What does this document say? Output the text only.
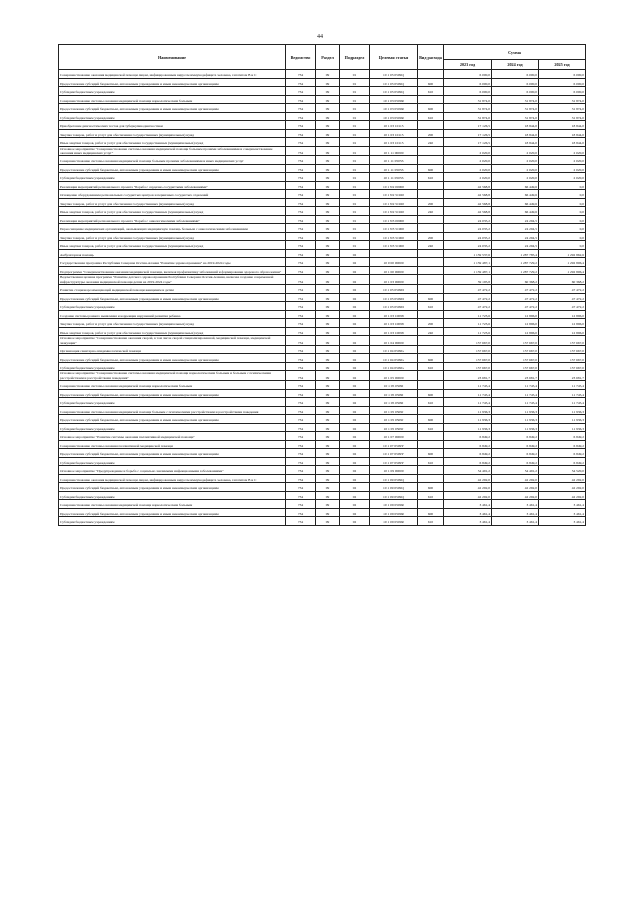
44
Наименование	Ведомство	Раздел	Подраздел	Целевая статья	Вид расхода	Сумма		
						2023 год	2024 год	2025 год
Совершенствование оказания медицинской помощи лицам, инфицированным вирусом иммунодефицита человека, гепатитом В и С	734	09	01	10 1 03 0509Q		6 000,0	6 000,0	6 000,0
Предоставление субсидий бюджетным, автономным учреждениям и иным некоммерческим организациям	734	09	01	10 1 03 0509Q	600	6 000,0	6 000,0	6 000,0
Субсидии бюджетным учреждениям	734	09	01	10 1 03 0509Q	610	6 000,0	6 000,0	6 000,0
Совершенствование системы оказания медицинской помощи наркологическим больным	734	09	01	10 1 03 0509R		31 874,0	31 874,0	31 874,0
Предоставление субсидий бюджетным, автономным учреждениям и иным некоммерческим организациям	734	09	01	10 1 03 0509R	600	31 874,0	31 874,0	31 874,0
Субсидии бюджетным учреждениям	734	09	01	10 1 03 0509R	610	31 874,0	31 874,0	31 874,0
Приобретение диагностических тестов для туберкулинодиагностики	734	09	01	10 1 03 10115		17 126,5	18 844,0	18 844,0
Закупка товаров, работ и услуг для обеспечения государственных (муниципальных) нужд	734	09	01	10 1 03 10115	200	17 126,5	18 844,0	18 844,0
Иные закупки товаров, работ и услуг для обеспечения государственных (муниципальных) нужд	734	09	01	10 1 03 10115	240	17 126,5	18 844,0	18 844,0
Основное мероприятие "Совершенствование системы оказания медицинской помощи больным прочими заболеваниями и совершенствование оказания иных медицинских услуг"	734	09	01	10 1 11 00000		2 020,0	2 020,0	2 020,0
Совершенствование системы оказания медицинской помощи больным прочими заболеваниями и иных медицинских услуг	734	09	01	10 1 11 0505S		2 020,0	2 020,0	2 020,0
Предоставление субсидий бюджетным, автономным учреждениям и иным некоммерческим организациям	734	09	01	10 1 11 0505S	600	2 020,0	2 020,0	2 020,0
Субсидии бюджетным учреждениям	734	09	01	10 1 11 0505S	610	2 020,0	2 020,0	2 020,0
Реализация мероприятий регионального проекта "Борьба с сердечно-сосудистыми заболеваниями"	734	09	01	10 1 N2 00000		42 568,8	66 449,6	0,0
Оснащение оборудованием региональных сосудистых центров и первичных сосудистых отделений	734	09	01	10 1 N2 51920		42 568,8	66 449,6	0,0
Закупка товаров, работ и услуг для обеспечения государственных (муниципальных) нужд	734	09	01	10 1 N2 51920	200	42 568,8	66 449,6	0,0
Иные закупки товаров, работ и услуг для обеспечения государственных (муниципальных) нужд	734	09	01	10 1 N2 51920	240	42 568,8	66 449,6	0,0
Реализация мероприятий регионального проекта "Борьба с онкологическими заболеваниями"	734	09	01	10 1 N3 00000		24 035,2	24 294,5	0,0
Переоснащение медицинских организаций, оказывающих медицинскую помощь больным с онкологическими заболеваниями	734	09	01	10 1 N3 51900		24 035,2	24 294,5	0,0
Закупка товаров, работ и услуг для обеспечения государственных (муниципальных) нужд	734	09	01	10 1 N3 51900	200	24 035,2	24 294,5	0,0
Иные закупки товаров, работ и услуг для обеспечения государственных (муниципальных) нужд	734	09	01	10 1 N3 51900	240	24 035,2	24 294,5	0,0
Амбулаторная помощь	734	09	02			1 159 537,6	1 287 785,4	1 292 862,6
Государственная программа Республики Северная Осетия-Алания "Развитие здравоохранения" на 2019-2024 годы	734	09	02	10 0 00 00000		1 159 487,1	1 287 729,2	1 292 806,4
Подпрограмма "Совершенствование оказания медицинской помощи, включая профилактику заболеваний и формирование здорового образа жизни"	734	09	02	10 1 00 00000		1 159 487,1	1 287 729,2	1 292 806,4
Ведомственная целевая программа "Развитие детского здравоохранения Республики Северная Осетия-Алания, включая создание современной инфраструктуры оказания медицинской помощи детям на 2019-2024 годы"	734	09	02	10 1 03 00000		59 195,8	60 368,2	60 368,2
Развитие стационарозамещающей медицинской помощи женщинам и детям	734	09	02	10 1 03 0509D		47 472,2	47 472,2	47 472,2
Предоставление субсидий бюджетным, автономным учреждениям и иным некоммерческим организациям	734	09	02	10 1 03 0509D	600	47 472,2	47 472,2	47 472,2
Субсидии бюджетным учреждениям	734	09	02	10 1 03 0509D	610	47 472,2	47 472,2	47 472,2
Создание системы раннего выявления и коррекции нарушений развития ребенка	734	09	02	10 1 03 10098		11 723,6	12 896,0	12 896,0
Закупка товаров, работ и услуг для обеспечения государственных (муниципальных) нужд	734	09	02	10 1 03 10098	200	11 723,6	12 896,0	12 896,0
Иные закупки товаров, работ и услуг для обеспечения государственных (муниципальных) нужд	734	09	02	10 1 03 10098	240	11 723,6	12 896,0	12 896,0
Основное мероприятие "Совершенствование оказания скорой, в том числе скорой специализированной, медицинской помощи, медицинской эвакуации"	734	09	02	10 1 04 00000		157 667,0	157 667,0	157 667,0
Организация санитарно-эпидемиологической помощи	734	09	02	10 1 04 0509G		157 667,0	157 667,0	157 667,0
Предоставление субсидий бюджетным, автономным учреждениям и иным некоммерческим организациям	734	09	02	10 1 04 0509G	600	157 667,0	157 667,0	157 667,0
Субсидии бюджетным учреждениям	734	09	02	10 1 04 0509G	610	157 667,0	157 667,0	157 667,0
Основное мероприятие "Совершенствование системы оказания медицинской помощи наркологическим больным и больным с психическими расстройствами и расстройствами поведения"	734	09	02	10 1 05 00000		23 681,7	23 681,7	23 681,7
Совершенствование системы оказания медицинской помощи наркологическим больным	734	09	02	10 1 05 0509I		11 745,4	11 745,4	11 745,4
Предоставление субсидий бюджетным, автономным учреждениям и иным некоммерческим организациям	734	09	02	10 1 05 0509I	600	11 745,4	11 745,4	11 745,4
Субсидии бюджетным учреждениям	734	09	02	10 1 05 0509I	610	11 745,4	11 745,4	11 745,4
Совершенствование системы оказания медицинской помощи больным с психическими расстройствами и расстройствами поведения	734	09	02	10 1 05 0509J		11 936,3	11 936,3	11 936,3
Предоставление субсидий бюджетным, автономным учреждениям и иным некоммерческим организациям	734	09	02	10 1 05 0509J	600	11 936,3	11 936,3	11 936,3
Субсидии бюджетным учреждениям	734	09	02	10 1 05 0509J	610	11 936,3	11 936,3	11 936,3
Основное мероприятие "Развитие системы оказания паллиативной медицинской помощи"	734	09	02	10 1 07 00000		6 849,2	6 849,2	6 849,2
Совершенствование системы оказания паллиативной медицинской помощи	734	09	02	10 1 07 0509Y		6 849,2	6 849,2	6 849,2
Предоставление субсидий бюджетным, автономным учреждениям и иным некоммерческим организациям	734	09	02	10 1 07 0509Y	600	6 849,2	6 849,2	6 849,2
Субсидии бюджетным учреждениям	734	09	02	10 1 07 0509Y	610	6 849,2	6 849,2	6 849,2
Основное мероприятие "Предупреждение и борьба с социально значимыми инфекционными заболеваниями"	734	09	02	10 1 09 00000		54 491,2	54 491,2	54 520,0
Совершенствование оказания медицинской помощи лицам, инфицированным вирусом иммунодефицита человека, гепатитом В и С	734	09	02	10 1 09 0509Q		42 292,0	42 292,0	42 292,0
Предоставление субсидий бюджетным, автономным учреждениям и иным некоммерческим организациям	734	09	02	10 1 09 0509Q	600	42 292,0	42 292,0	42 292,0
Субсидии бюджетным учреждениям	734	09	02	10 1 09 0509Q	610	42 292,0	42 292,0	42 292,0
Совершенствование системы оказания медицинской помощи наркологическим больным	734	09	02	10 1 09 0509R		3 461,4	3 461,4	3 461,4
Предоставление субсидий бюджетным, автономным учреждениям и иным некоммерческим организациям	734	09	02	10 1 09 0509R	600	3 461,4	3 461,4	3 461,4
Субсидии бюджетным учреждениям	734	09	02	10 1 09 0509R	610	3 461,4	3 461,4	3 461,4
